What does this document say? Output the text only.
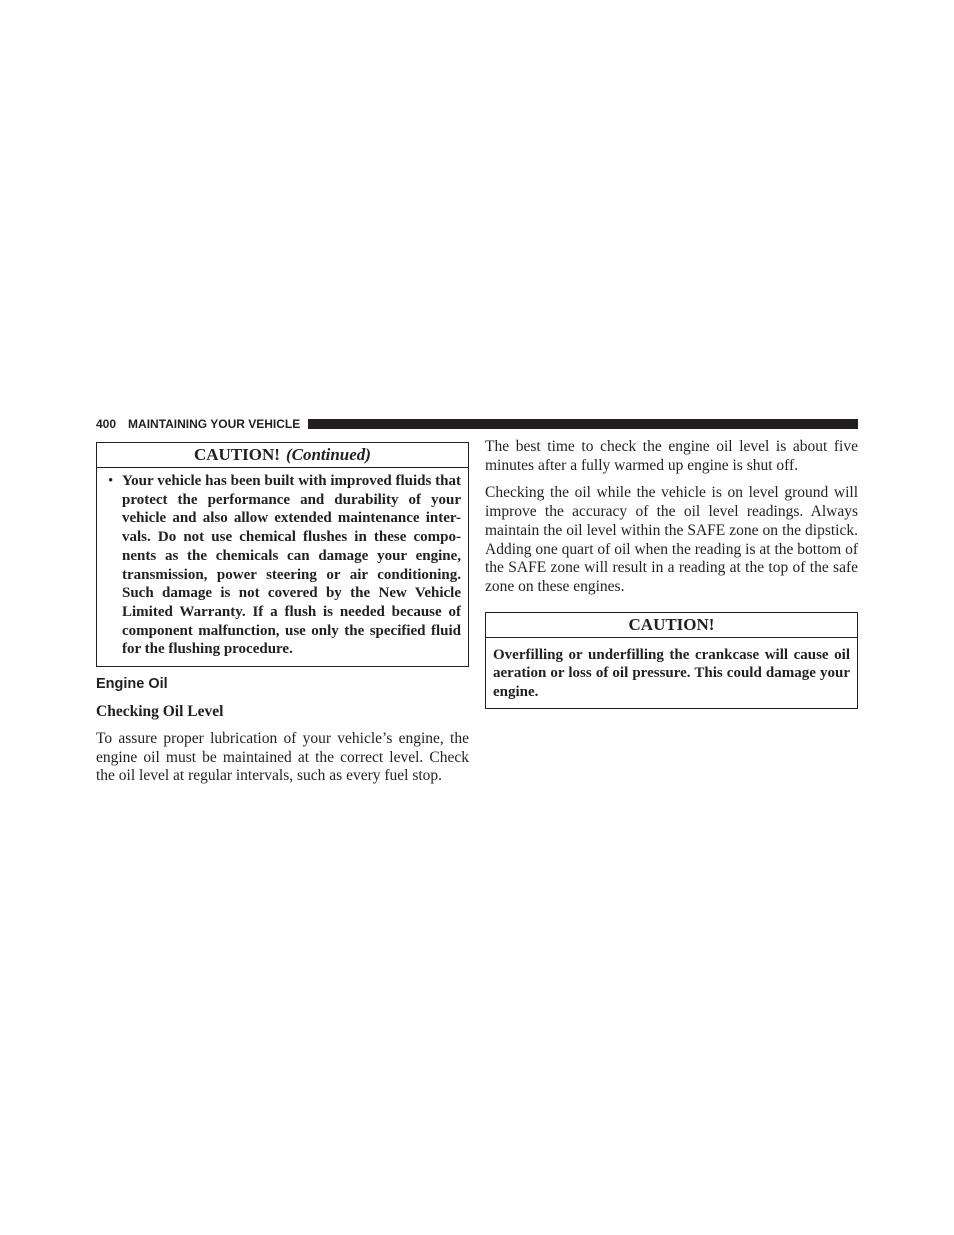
400 MAINTAINING YOUR VEHICLE
CAUTION! (Continued)
• Your vehicle has been built with improved fluids that protect the performance and durability of your vehicle and also allow extended maintenance inter-vals. Do not use chemical flushes in these compo-nents as the chemicals can damage your engine, transmission, power steering or air conditioning. Such damage is not covered by the New Vehicle Limited Warranty. If a flush is needed because of component malfunction, use only the specified fluid for the flushing procedure.
Engine Oil
Checking Oil Level
To assure proper lubrication of your vehicle’s engine, the engine oil must be maintained at the correct level. Check the oil level at regular intervals, such as every fuel stop.
The best time to check the engine oil level is about five minutes after a fully warmed up engine is shut off.
Checking the oil while the vehicle is on level ground will improve the accuracy of the oil level readings. Always maintain the oil level within the SAFE zone on the dipstick. Adding one quart of oil when the reading is at the bottom of the SAFE zone will result in a reading at the top of the safe zone on these engines.
CAUTION!
Overfilling or underfilling the crankcase will cause oil aeration or loss of oil pressure. This could damage your engine.
